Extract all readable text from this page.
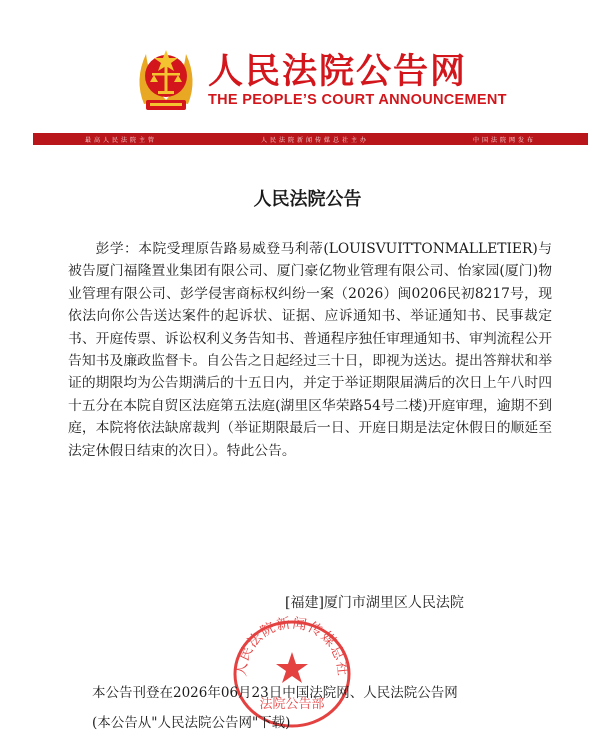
人民法院公告网
THE PEOPLE’S COURT ANNOUNCEMENT
最高人民法院主管	人民法院新闻传媒总社主办	中国法院网发布
人民法院公告

彭学：本院受理原告路易威登马利蒂(LOUISVUITTONMALLETIER)与被告厦门福隆置业集团有限公司、厦门豪亿物业管理有限公司、怡家园(厦门)物业管理有限公司、彭学侵害商标权纠纷一案（2026）闽0206民初8217号，现依法向你公告送达案件的起诉状、证据、应诉通知书、举证通知书、民事裁定书、开庭传票、诉讼权利义务告知书、普通程序独任审理通知书、审判流程公开告知书及廉政监督卡。自公告之日起经过三十日，即视为送达。提出答辩状和举证的期限均为公告期满后的十五日内，并定于举证期限届满后的次日上午八时四十五分在本院自贸区法庭第五法庭(湖里区华荣路54号二楼)开庭审理，逾期不到庭，本院将依法缺席裁判（举证期限最后一日、开庭日期是法定休假日的顺延至法定休假日结束的次日）。特此公告。

[福建]厦门市湖里区人民法院
人民法院新闻传媒总社
法院公告部
本公告刊登在2026年06月23日中国法院网、人民法院公告网
(本公告从"人民法院公告网"下载)
